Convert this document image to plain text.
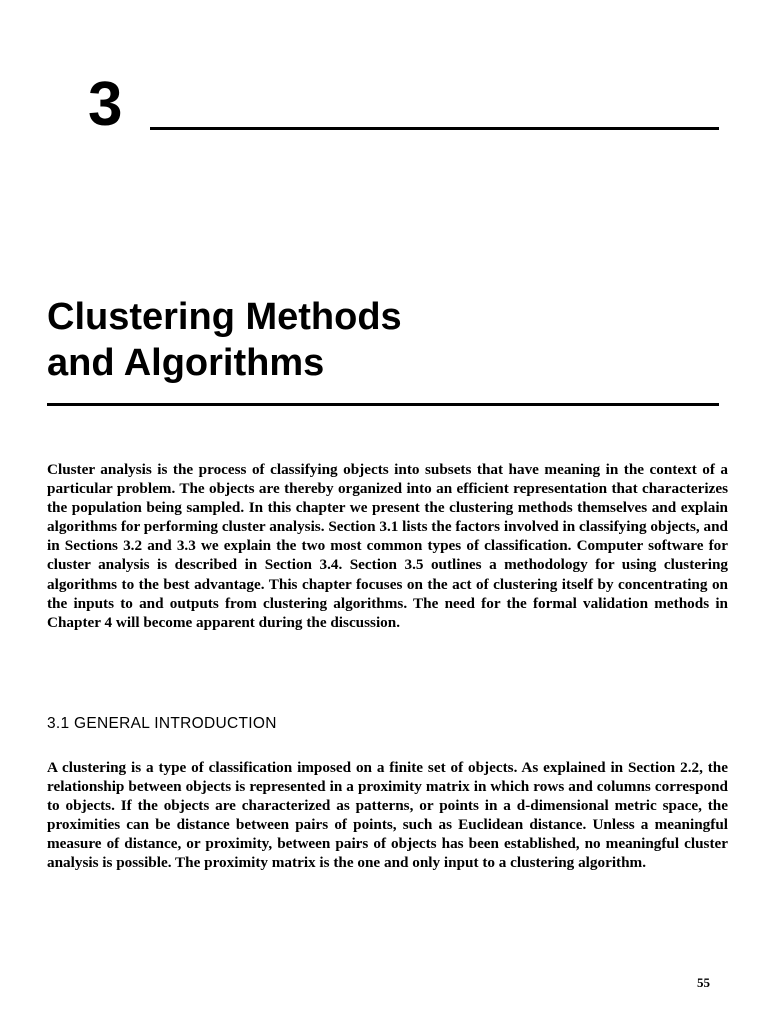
3
Clustering Methods
and Algorithms

Cluster analysis is the process of classifying objects into subsets that have meaning in the context of a particular problem. The objects are thereby organized into an efficient representation that characterizes the population being sampled. In this chapter we present the clustering methods themselves and explain algorithms for performing cluster analysis. Section 3.1 lists the factors involved in classifying objects, and in Sections 3.2 and 3.3 we explain the two most common types of classification. Computer software for cluster analysis is described in Section 3.4. Section 3.5 outlines a methodology for using clustering algorithms to the best advantage. This chapter focuses on the act of clustering itself by concentrating on the inputs to and outputs from clustering algorithms. The need for the formal validation methods in Chapter 4 will become apparent during the discussion.

3.1 GENERAL INTRODUCTION

A clustering is a type of classification imposed on a finite set of objects. As explained in Section 2.2, the relationship between objects is represented in a proximity matrix in which rows and columns correspond to objects. If the objects are characterized as patterns, or points in a d-dimensional metric space, the proximities can be distance between pairs of points, such as Euclidean distance. Unless a meaningful measure of distance, or proximity, between pairs of objects has been established, no meaningful cluster analysis is possible. The proximity matrix is the one and only input to a clustering algorithm.

55
